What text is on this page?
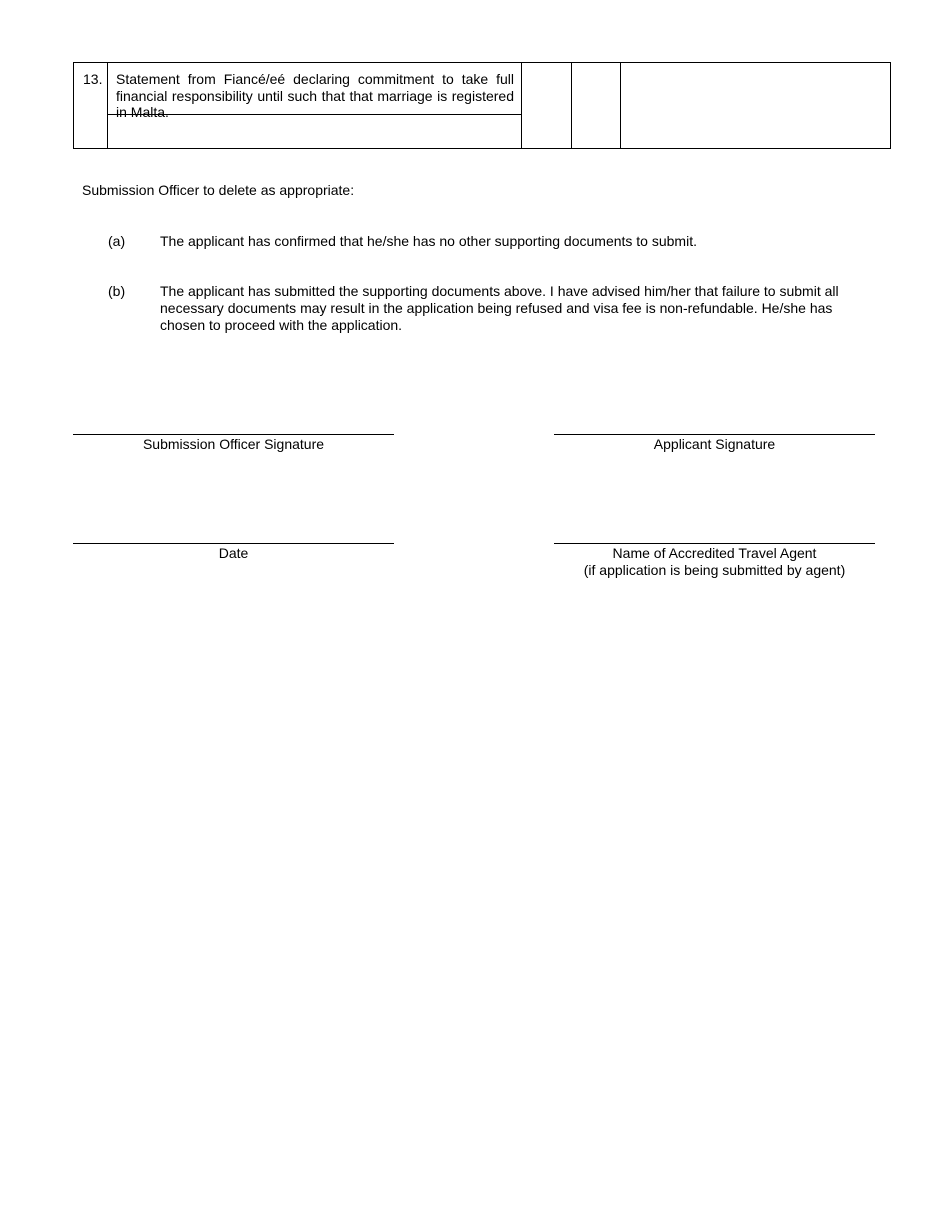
13.	Statement from Fiancé/eé declaring commitment to take full financial responsibility until such that that marriage is registered in Malta.

Submission Officer to delete as appropriate:
(a)	The applicant has confirmed that he/she has no other supporting documents to submit.
(b)	The applicant has submitted the supporting documents above. I have advised him/her that failure to submit all necessary documents may result in the application being refused and visa fee is non-refundable. He/she has chosen to proceed with the application.
Submission Officer Signature	Applicant Signature
Date	Name of Accredited Travel Agent
(if application is being submitted by agent)
